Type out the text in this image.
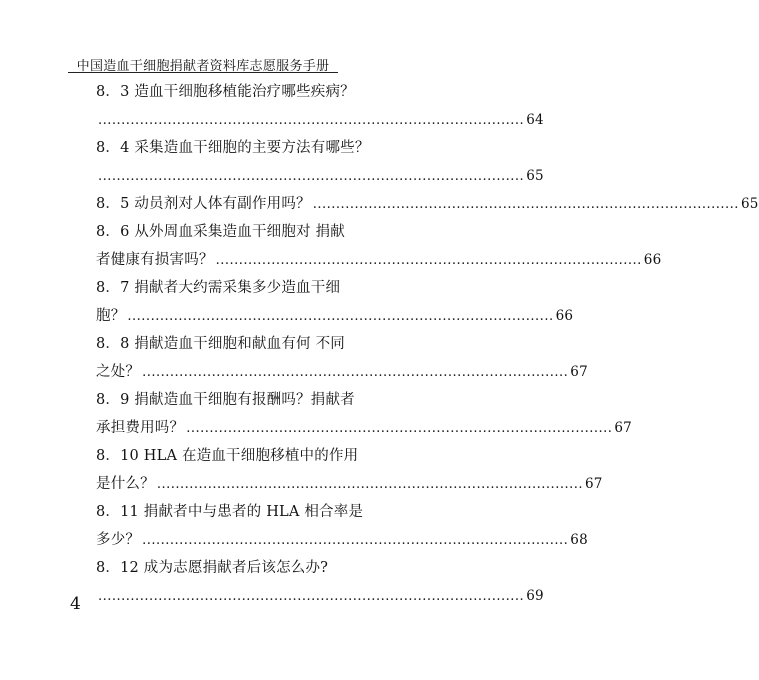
中国造血干细胞捐献者资料库志愿服务手册
8．3 造血干细胞移植能治疗哪些疾病？
............................................................................................ 64
8．4 采集造血干细胞的主要方法有哪些？
............................................................................................ 65
8．5 动员剂对人体有副作用吗？ ............................................................................................ 65
8．6 从外周血采集造血干细胞对 捐献
者健康有损害吗？ ............................................................................................ 66
8．7 捐献者大约需采集多少造血干细
胞？ ............................................................................................ 66
8．8 捐献造血干细胞和献血有何 不同
之处？ ............................................................................................ 67
8．9 捐献造血干细胞有报酬吗？捐献者
承担费用吗？ ............................................................................................ 67
8．10 HLA 在造血干细胞移植中的作用
是什么？ ............................................................................................ 67
8．11 捐献者中与患者的 HLA 相合率是
多少？ ............................................................................................ 68
8．12 成为志愿捐献者后该怎么办?
............................................................................................ 69
4
